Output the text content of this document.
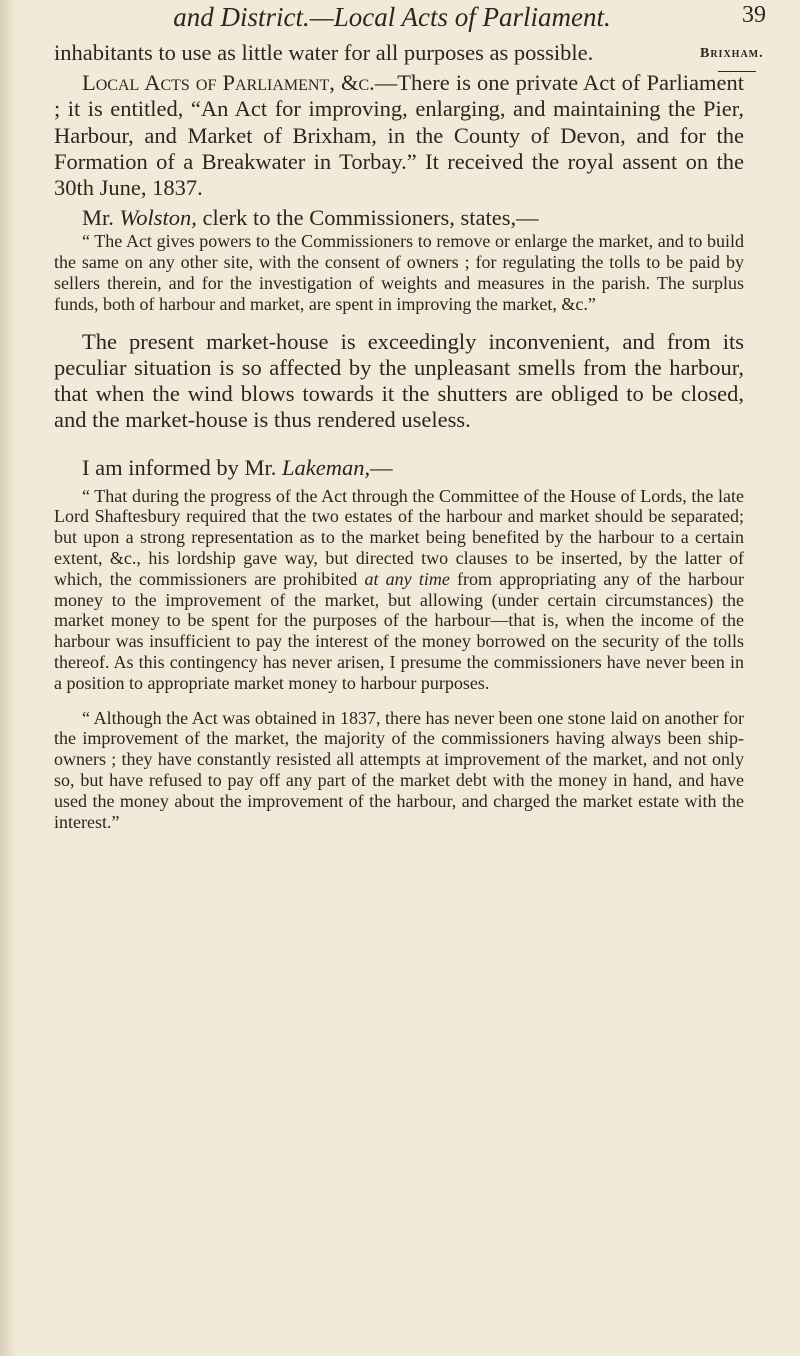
and District.—Local Acts of Parliament.	39
Brixham.

inhabitants to use as little water for all purposes as possible.

Local Acts of Parliament, &c.—There is one private Act of Parliament ; it is entitled, “An Act for improving, enlarging, and maintaining the Pier, Harbour, and Market of Brixham, in the County of Devon, and for the Formation of a Breakwater in Torbay.” It received the royal assent on the 30th June, 1837.

Mr. Wolston, clerk to the Commissioners, states,—

“ The Act gives powers to the Commissioners to remove or enlarge the market, and to build the same on any other site, with the consent of owners ; for regulating the tolls to be paid by sellers therein, and for the investigation of weights and measures in the parish. The surplus funds, both of harbour and market, are spent in improving the market, &c.”

The present market-house is exceedingly inconvenient, and from its peculiar situation is so affected by the unpleasant smells from the harbour, that when the wind blows towards it the shutters are obliged to be closed, and the market-house is thus rendered useless.

I am informed by Mr. Lakeman,—

“ That during the progress of the Act through the Committee of the House of Lords, the late Lord Shaftesbury required that the two estates of the harbour and market should be separated; but upon a strong representation as to the market being benefited by the harbour to a certain extent, &c., his lordship gave way, but directed two clauses to be inserted, by the latter of which, the commissioners are prohibited at any time from appropriating any of the harbour money to the improvement of the market, but allowing (under certain circumstances) the market money to be spent for the purposes of the harbour—that is, when the income of the harbour was insufficient to pay the interest of the money borrowed on the security of the tolls thereof. As this contingency has never arisen, I presume the commissioners have never been in a position to appropriate market money to harbour purposes.

“ Although the Act was obtained in 1837, there has never been one stone laid on another for the improvement of the market, the majority of the commissioners having always been ship-owners ; they have constantly resisted all attempts at improvement of the market, and not only so, but have refused to pay off any part of the market debt with the money in hand, and have used the money about the improvement of the harbour, and charged the market estate with the interest.”
